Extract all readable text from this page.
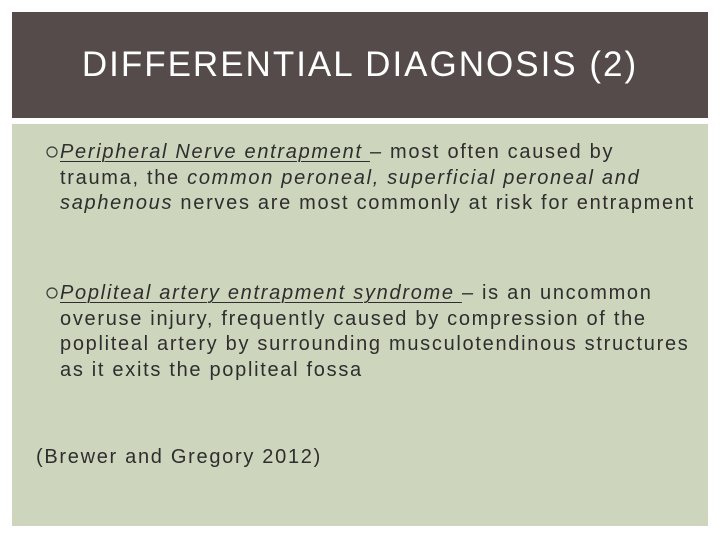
DIFFERENTIAL DIAGNOSIS (2)
Peripheral Nerve entrapment – most often caused by trauma, the common peroneal, superficial peroneal and saphenous nerves are most commonly at risk for entrapment
Popliteal artery entrapment syndrome – is an uncommon overuse injury, frequently caused by compression of the popliteal artery by surrounding musculotendinous structures as it exits the popliteal fossa
(Brewer and Gregory 2012)
